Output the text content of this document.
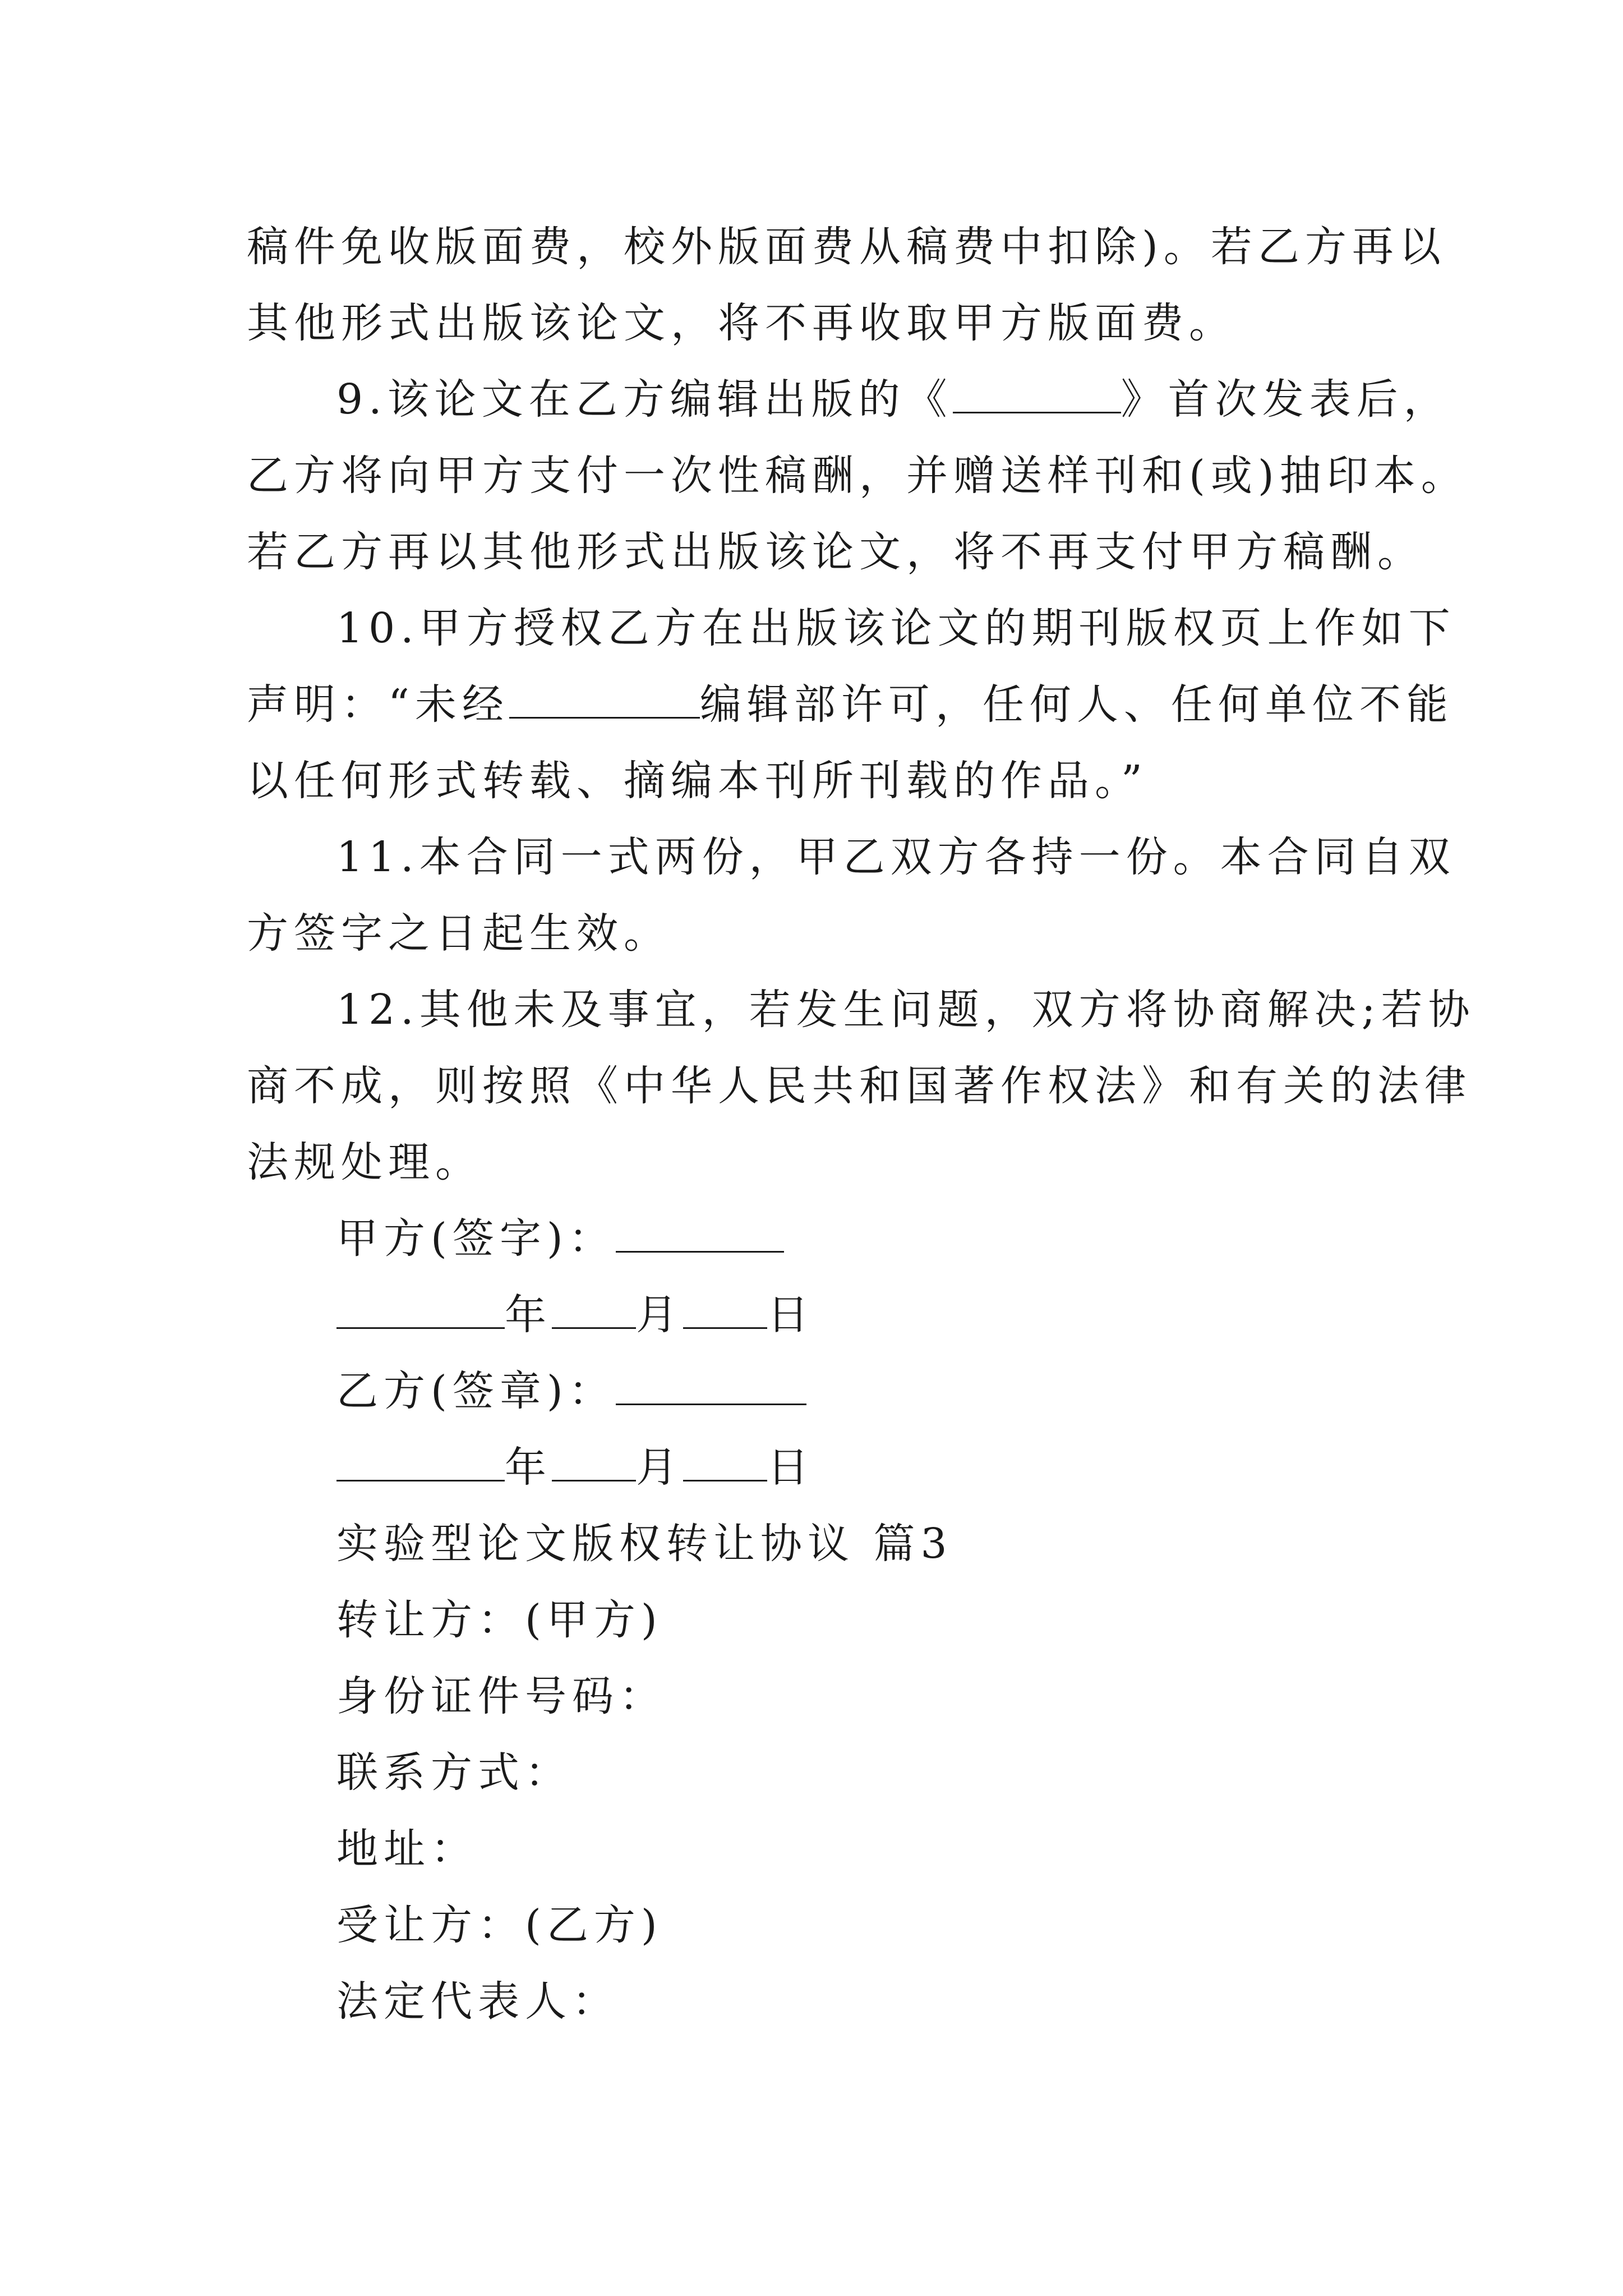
稿件免收版面费，校外版面费从稿费中扣除)。若乙方再以
其他形式出版该论文，将不再收取甲方版面费。
9.该论文在乙方编辑出版的《	》首次发表后，
乙方将向甲方支付一次性稿酬，并赠送样刊和(或)抽印本。
若乙方再以其他形式出版该论文，将不再支付甲方稿酬。
10.甲方授权乙方在出版该论文的期刊版权页上作如下
声明：“未经	编辑部许可，任何人、任何单位不能
以任何形式转载、摘编本刊所刊载的作品。”
11.本合同一式两份，甲乙双方各持一份。本合同自双
方签字之日起生效。
12.其他未及事宜，若发生问题，双方将协商解决;若协
商不成，则按照《中华人民共和国著作权法》和有关的法律
法规处理。
甲方(签字)：
年 月 日
乙方(签章)：
年 月 日
实验型论文版权转让协议 篇3
转让方：(甲方)
身份证件号码：
联系方式：
地址：
受让方：(乙方)
法定代表人：
